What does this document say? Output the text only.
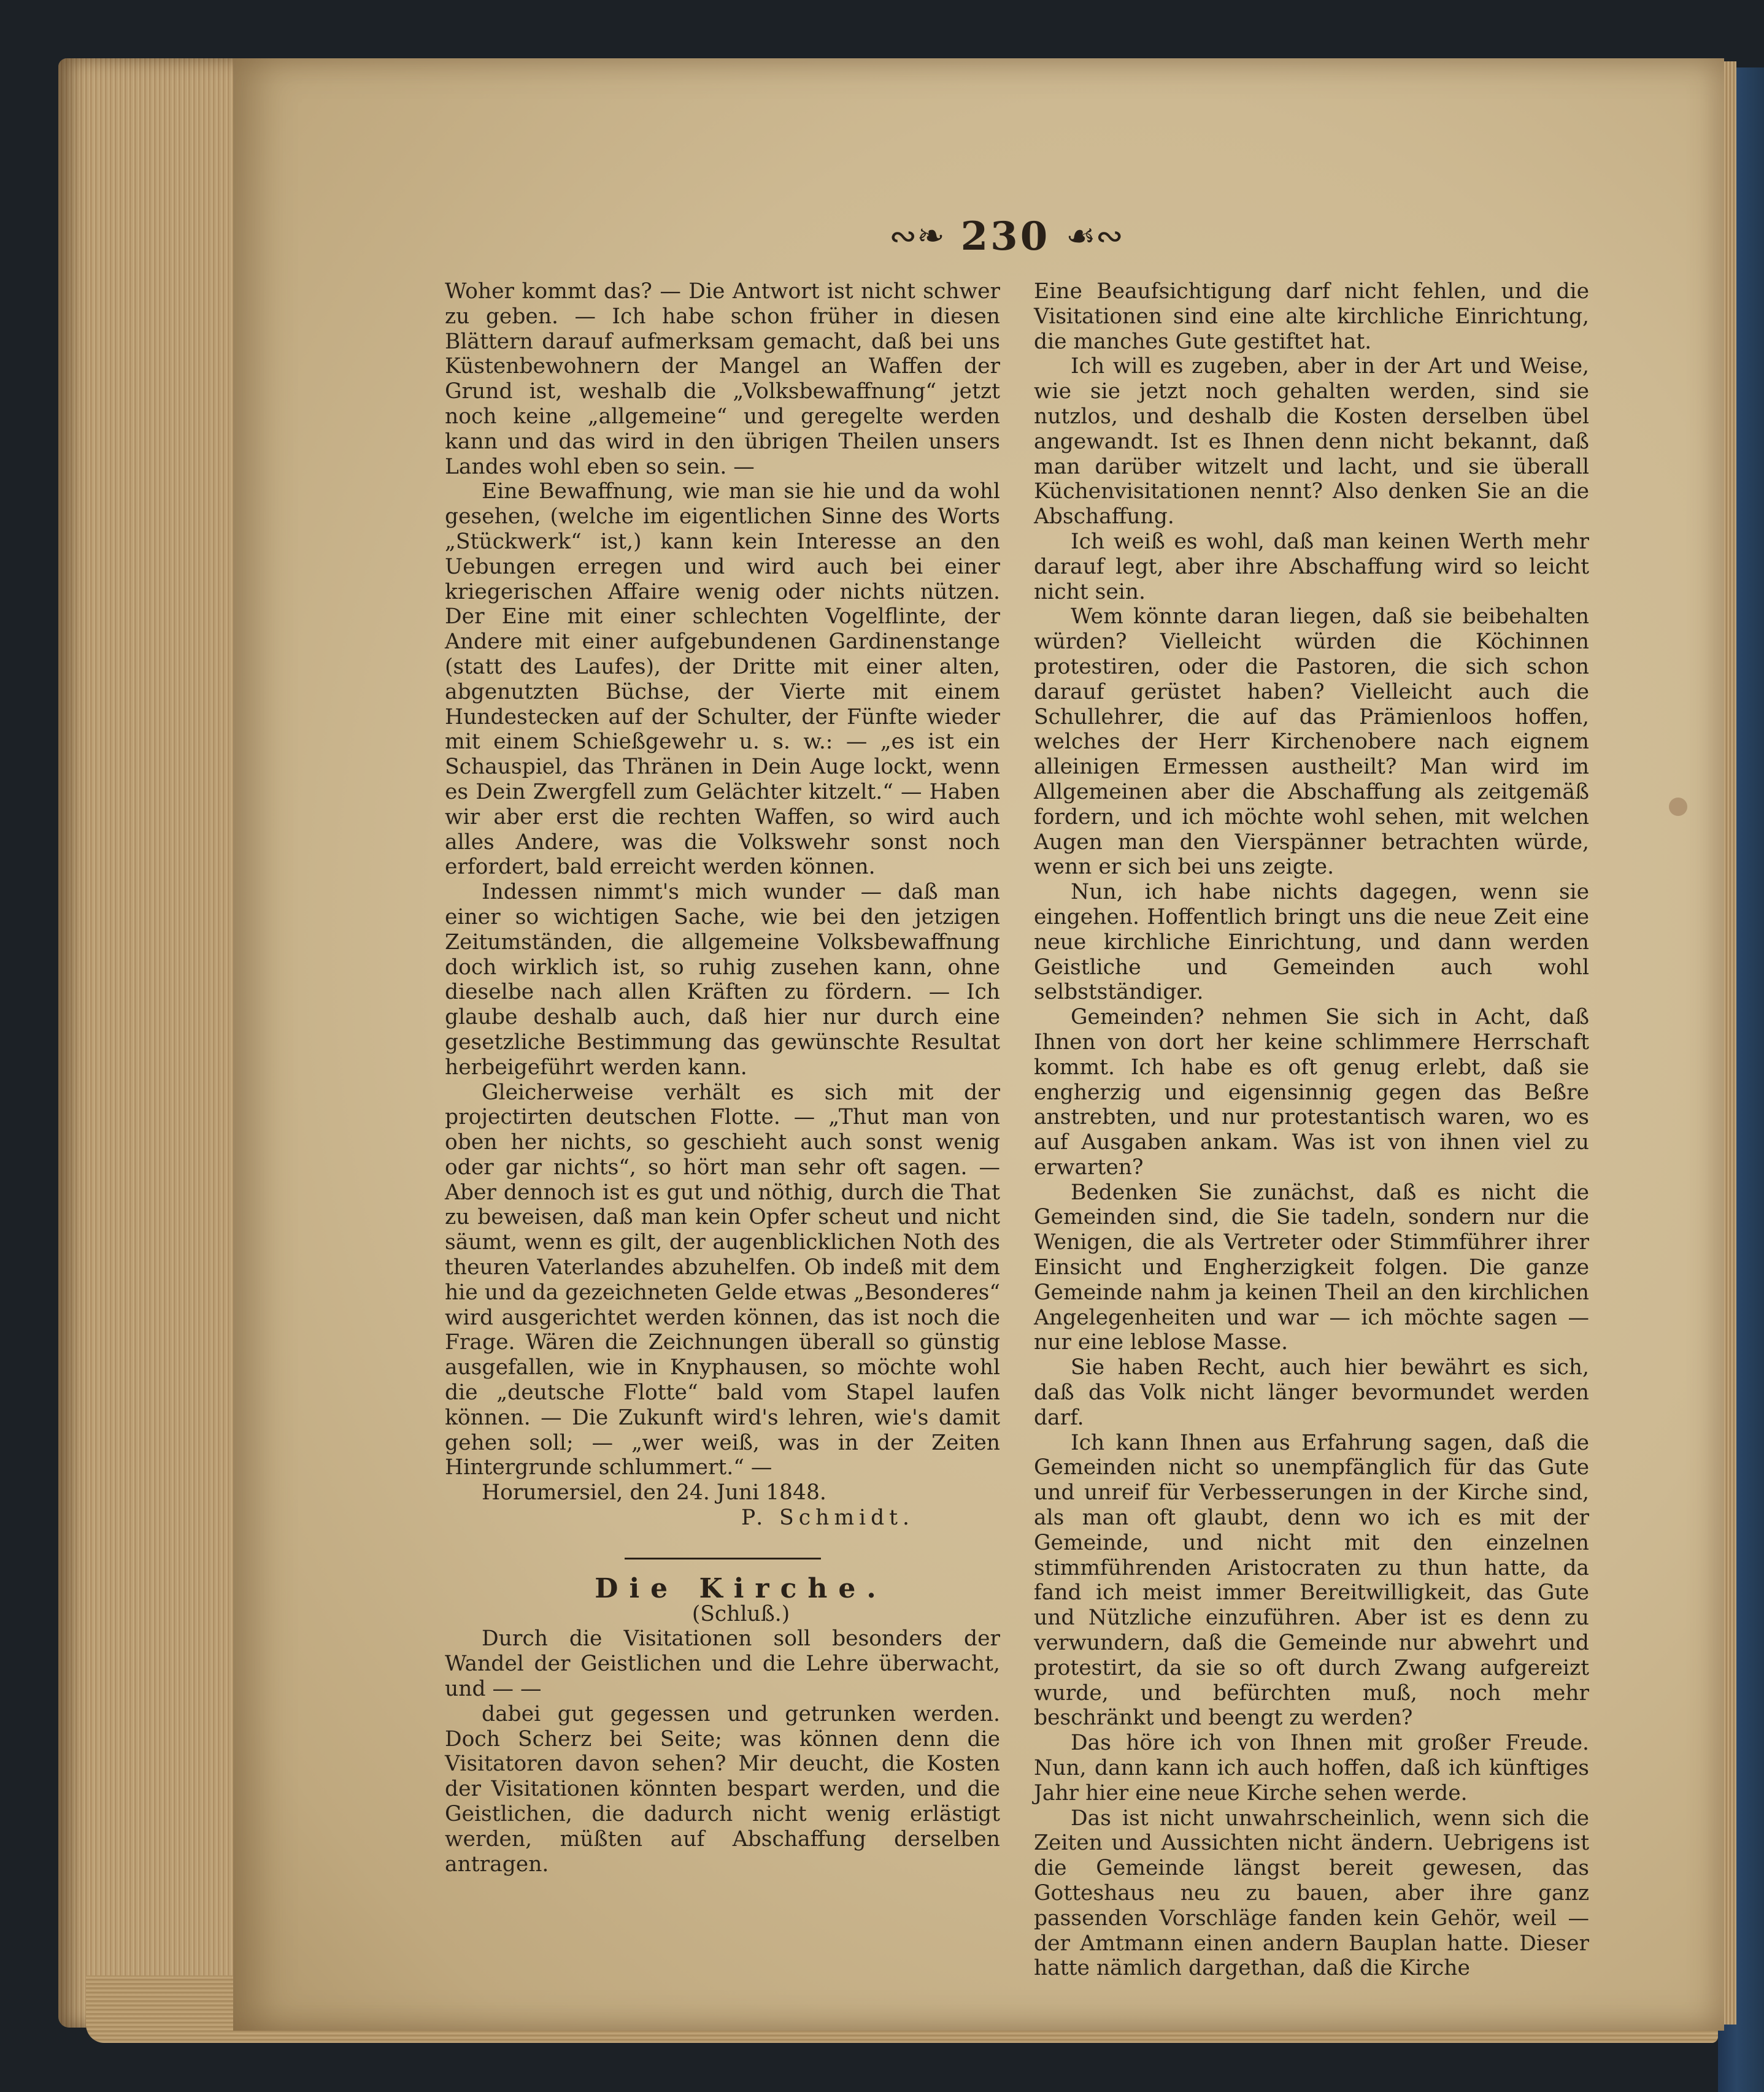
∾❧ 230 ☙∾

Woher kommt das? — Die Antwort ist nicht schwer zu geben. — Ich habe schon früher in diesen Blättern darauf aufmerksam gemacht, daß bei uns Küstenbewohnern der Mangel an Waffen der Grund ist, weshalb die „Volksbewaffnung“ jetzt noch keine „allgemeine“ und geregelte werden kann und das wird in den übrigen Theilen unsers Landes wohl eben so sein. —

Eine Bewaffnung, wie man sie hie und da wohl gesehen, (welche im eigentlichen Sinne des Worts „Stückwerk“ ist,) kann kein Interesse an den Uebungen erregen und wird auch bei einer kriegerischen Affaire wenig oder nichts nützen. Der Eine mit einer schlechten Vogelflinte, der Andere mit einer aufgebundenen Gardinenstange (statt des Laufes), der Dritte mit einer alten, abgenutzten Büchse, der Vierte mit einem Hundestecken auf der Schulter, der Fünfte wieder mit einem Schießgewehr u. s. w.: — „es ist ein Schauspiel, das Thränen in Dein Auge lockt, wenn es Dein Zwergfell zum Gelächter kitzelt.“ — Haben wir aber erst die rechten Waffen, so wird auch alles Andere, was die Volkswehr sonst noch erfordert, bald erreicht werden können.

Indessen nimmt's mich wunder — daß man einer so wichtigen Sache, wie bei den jetzigen Zeitumständen, die allgemeine Volksbewaffnung doch wirklich ist, so ruhig zusehen kann, ohne dieselbe nach allen Kräften zu fördern. — Ich glaube deshalb auch, daß hier nur durch eine gesetzliche Bestimmung das gewünschte Resultat herbeigeführt werden kann.

Gleicherweise verhält es sich mit der projectirten deutschen Flotte. — „Thut man von oben her nichts, so geschieht auch sonst wenig oder gar nichts“, so hört man sehr oft sagen. — Aber dennoch ist es gut und nöthig, durch die That zu beweisen, daß man kein Opfer scheut und nicht säumt, wenn es gilt, der augenblicklichen Noth des theuren Vaterlandes abzuhelfen. Ob indeß mit dem hie und da gezeichneten Gelde etwas „Besonderes“ wird ausgerichtet werden können, das ist noch die Frage. Wären die Zeichnungen überall so günstig ausgefallen, wie in Knyphausen, so möchte wohl die „deutsche Flotte“ bald vom Stapel laufen können. — Die Zukunft wird's lehren, wie's damit gehen soll; — „wer weiß, was in der Zeiten Hintergrunde schlummert.“ —

Horumersiel, den 24. Juni 1848.

P. Schmidt.

Die Kirche.

(Schluß.)

Durch die Visitationen soll besonders der Wandel der Geistlichen und die Lehre überwacht, und — —

dabei gut gegessen und getrunken werden. Doch Scherz bei Seite; was können denn die Visitatoren davon sehen? Mir deucht, die Kosten der Visitationen könnten bespart werden, und die Geistlichen, die dadurch nicht wenig erlästigt werden, müßten auf Abschaffung derselben antragen.

Eine Beaufsichtigung darf nicht fehlen, und die Visitationen sind eine alte kirchliche Einrichtung, die manches Gute gestiftet hat.

Ich will es zugeben, aber in der Art und Weise, wie sie jetzt noch gehalten werden, sind sie nutzlos, und deshalb die Kosten derselben übel angewandt. Ist es Ihnen denn nicht bekannt, daß man darüber witzelt und lacht, und sie überall Küchenvisitationen nennt? Also denken Sie an die Abschaffung.

Ich weiß es wohl, daß man keinen Werth mehr darauf legt, aber ihre Abschaffung wird so leicht nicht sein.

Wem könnte daran liegen, daß sie beibehalten würden? Vielleicht würden die Köchinnen protestiren, oder die Pastoren, die sich schon darauf gerüstet haben? Vielleicht auch die Schullehrer, die auf das Prämienloos hoffen, welches der Herr Kirchenobere nach eignem alleinigen Ermessen austheilt? Man wird im Allgemeinen aber die Abschaffung als zeitgemäß fordern, und ich möchte wohl sehen, mit welchen Augen man den Vierspänner betrachten würde, wenn er sich bei uns zeigte.

Nun, ich habe nichts dagegen, wenn sie eingehen. Hoffentlich bringt uns die neue Zeit eine neue kirchliche Einrichtung, und dann werden Geistliche und Gemeinden auch wohl selbstständiger.

Gemeinden? nehmen Sie sich in Acht, daß Ihnen von dort her keine schlimmere Herrschaft kommt. Ich habe es oft genug erlebt, daß sie engherzig und eigensinnig gegen das Beßre anstrebten, und nur protestantisch waren, wo es auf Ausgaben ankam. Was ist von ihnen viel zu erwarten?

Bedenken Sie zunächst, daß es nicht die Gemeinden sind, die Sie tadeln, sondern nur die Wenigen, die als Vertreter oder Stimmführer ihrer Einsicht und Engherzigkeit folgen. Die ganze Gemeinde nahm ja keinen Theil an den kirchlichen Angelegenheiten und war — ich möchte sagen — nur eine leblose Masse.

Sie haben Recht, auch hier bewährt es sich, daß das Volk nicht länger bevormundet werden darf.

Ich kann Ihnen aus Erfahrung sagen, daß die Gemeinden nicht so unempfänglich für das Gute und unreif für Verbesserungen in der Kirche sind, als man oft glaubt, denn wo ich es mit der Gemeinde, und nicht mit den einzelnen stimmführenden Aristocraten zu thun hatte, da fand ich meist immer Bereitwilligkeit, das Gute und Nützliche einzuführen. Aber ist es denn zu verwundern, daß die Gemeinde nur abwehrt und protestirt, da sie so oft durch Zwang aufgereizt wurde, und befürchten muß, noch mehr beschränkt und beengt zu werden?

Das höre ich von Ihnen mit großer Freude. Nun, dann kann ich auch hoffen, daß ich künftiges Jahr hier eine neue Kirche sehen werde.

Das ist nicht unwahrscheinlich, wenn sich die Zeiten und Aussichten nicht ändern. Uebrigens ist die Gemeinde längst bereit gewesen, das Gotteshaus neu zu bauen, aber ihre ganz passenden Vorschläge fanden kein Gehör, weil — der Amtmann einen andern Bauplan hatte. Dieser hatte nämlich dargethan, daß die Kirche
